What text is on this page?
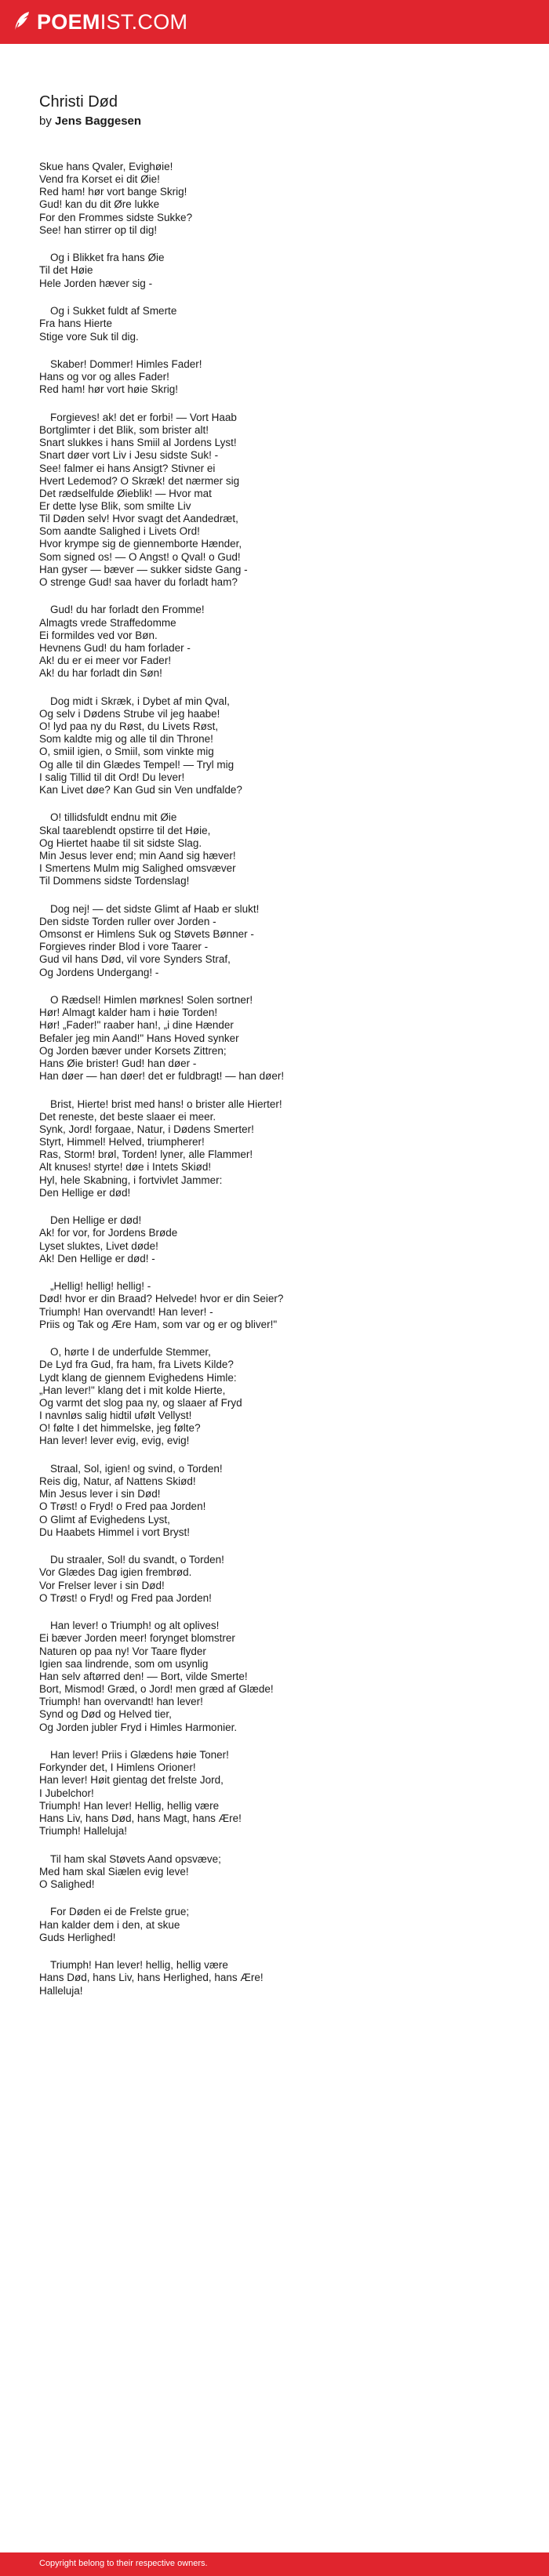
POEMIST.COM
Christi Død
by Jens Baggesen
Skue hans Qvaler, Evighøie!
Vend fra Korset ei dit Øie!
Red ham! hør vort bange Skrig!
Gud! kan du dit Øre lukke
For den Frommes sidste Sukke?
See! han stirrer op til dig!
Og i Blikket fra hans Øie
Til det Høie
Hele Jorden hæver sig -
Og i Sukket fuldt af Smerte
Fra hans Hierte
Stige vore Suk til dig.
Skaber! Dommer! Himles Fader!
Hans og vor og alles Fader!
Red ham! hør vort høie Skrig!
Forgieves! ak! det er forbi! — Vort Haab
Bortglimter i det Blik, som brister alt!
Snart slukkes i hans Smiil al Jordens Lyst!
Snart døer vort Liv i Jesu sidste Suk! -
See! falmer ei hans Ansigt? Stivner ei
Hvert Ledemod? O Skræk! det nærmer sig
Det rædselfulde Øieblik! — Hvor mat
Er dette lyse Blik, som smilte Liv
Til Døden selv! Hvor svagt det Aandedræt,
Som aandte Salighed i Livets Ord!
Hvor krympe sig de giennemborte Hænder,
Som signed os! — O Angst! o Qval! o Gud!
Han gyser — bæver — sukker sidste Gang -
O strenge Gud! saa haver du forladt ham?
Gud! du har forladt den Fromme!
Almagts vrede Straffedomme
Ei formildes ved vor Bøn.
Hevnens Gud! du ham forlader -
Ak! du er ei meer vor Fader!
Ak! du har forladt din Søn!
Dog midt i Skræk, i Dybet af min Qval,
Og selv i Dødens Strube vil jeg haabe!
O! lyd paa ny du Røst, du Livets Røst,
Som kaldte mig og alle til din Throne!
O, smiil igien, o Smiil, som vinkte mig
Og alle til din Glædes Tempel! — Tryl mig
I salig Tillid til dit Ord! Du lever!
Kan Livet døe? Kan Gud sin Ven undfalde?
O! tillidsfuldt endnu mit Øie
Skal taareblendt opstirre til det Høie,
Og Hiertet haabe til sit sidste Slag.
Min Jesus lever end; min Aand sig hæver!
I Smertens Mulm mig Salighed omsvæver
Til Dommens sidste Tordenslag!
Dog nej! — det sidste Glimt af Haab er slukt!
Den sidste Torden ruller over Jorden -
Omsonst er Himlens Suk og Støvets Bønner -
Forgieves rinder Blod i vore Taarer -
Gud vil hans Død, vil vore Synders Straf,
Og Jordens Undergang! -
O Rædsel! Himlen mørknes! Solen sortner!
Hør! Almagt kalder ham i høie Torden!
Hør! „Fader!" raaber han!, „i dine Hænder
Befaler jeg min Aand!" Hans Hoved synker
Og Jorden bæver under Korsets Zittren;
Hans Øie brister! Gud! han døer -
Han døer — han døer! det er fuldbragt! — han døer!
Brist, Hierte! brist med hans! o brister alle Hierter!
Det reneste, det beste slaaer ei meer.
Synk, Jord! forgaae, Natur, i Dødens Smerter!
Styrt, Himmel! Helved, triumpherer!
Ras, Storm! brøl, Torden! lyner, alle Flammer!
Alt knuses! styrte! døe i Intets Skiød!
Hyl, hele Skabning, i fortvivlet Jammer:
Den Hellige er død!
Den Hellige er død!
Ak! for vor, for Jordens Brøde
Lyset sluktes, Livet døde!
Ak! Den Hellige er død! -
„Hellig! hellig! hellig! -
Død! hvor er din Braad? Helvede! hvor er din Seier?
Triumph! Han overvandt! Han lever! -
Priis og Tak og Ære Ham, som var og er og bliver!"
O, hørte I de underfulde Stemmer,
De Lyd fra Gud, fra ham, fra Livets Kilde?
Lydt klang de giennem Evighedens Himle:
„Han lever!" klang det i mit kolde Hierte,
Og varmt det slog paa ny, og slaaer af Fryd
I navnløs salig hidtil ufølt Vellyst!
O! følte I det himmelske, jeg følte?
Han lever! lever evig, evig, evig!
Straal, Sol, igien! og svind, o Torden!
Reis dig, Natur, af Nattens Skiød!
Min Jesus lever i sin Død!
O Trøst! o Fryd! o Fred paa Jorden!
O Glimt af Evighedens Lyst,
Du Haabets Himmel i vort Bryst!
Du straaler, Sol! du svandt, o Torden!
Vor Glædes Dag igien frembrød.
Vor Frelser lever i sin Død!
O Trøst! o Fryd! og Fred paa Jorden!
Han lever! o Triumph! og alt oplives!
Ei bæver Jorden meer! forynget blomstrer
Naturen op paa ny! Vor Taare flyder
Igien saa lindrende, som om usynlig
Han selv aftørred den! — Bort, vilde Smerte!
Bort, Mismod! Græd, o Jord! men græd af Glæde!
Triumph! han overvandt! han lever!
Synd og Død og Helved tier,
Og Jorden jubler Fryd i Himles Harmonier.
Han lever! Priis i Glædens høie Toner!
Forkynder det, I Himlens Orioner!
Han lever! Høit gientag det frelste Jord,
I Jubelchor!
Triumph! Han lever! Hellig, hellig være
Hans Liv, hans Død, hans Magt, hans Ære!
Triumph! Halleluja!
Til ham skal Støvets Aand opsvæve;
Med ham skal Siælen evig leve!
O Salighed!
For Døden ei de Frelste grue;
Han kalder dem i den, at skue
Guds Herlighed!
Triumph! Han lever! hellig, hellig være
Hans Død, hans Liv, hans Herlighed, hans Ære!
Halleluja!
Copyright belong to their respective owners.
